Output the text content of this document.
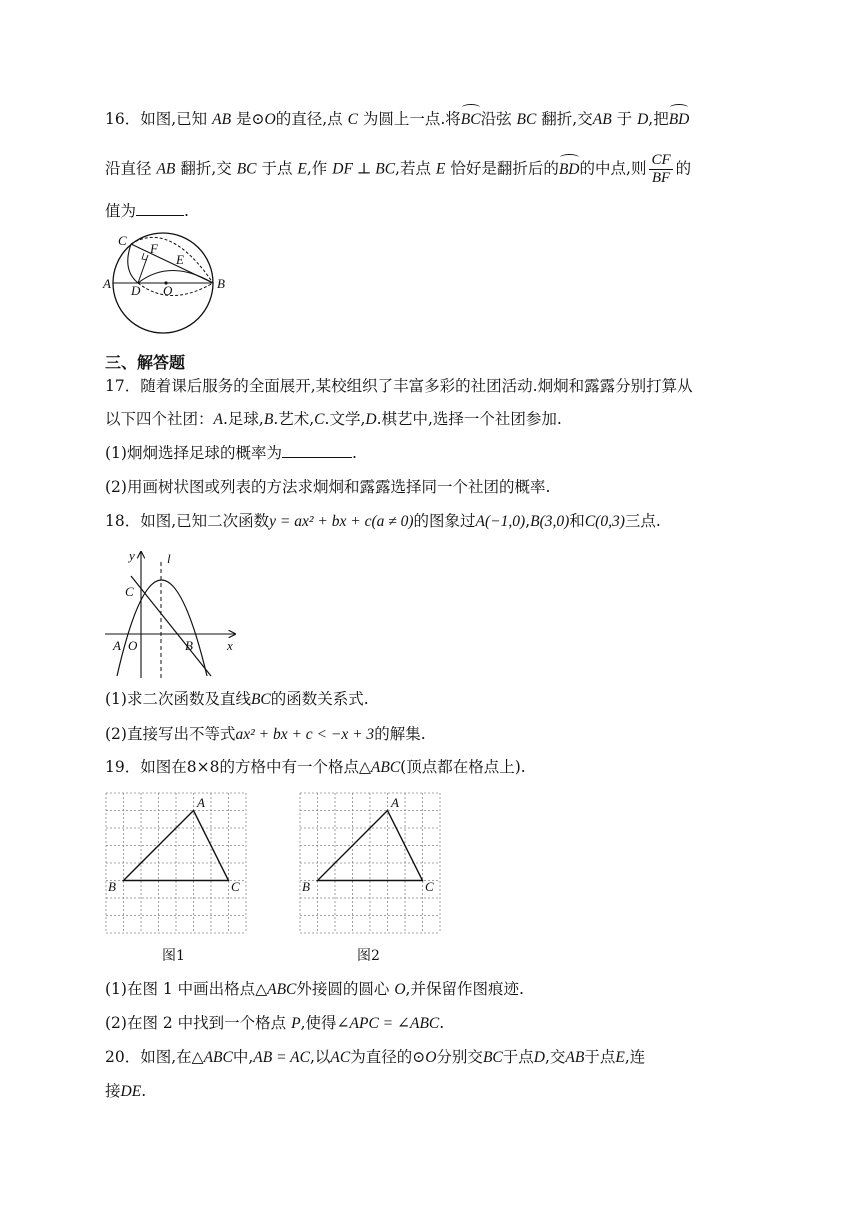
16．如图,已知 AB 是⊙O的直径,点 C 为圆上一点.将BC沿弦 BC 翻折,交AB 于 D,把BD
沿直径 AB 翻折,交 BC 于点 E,作 DF ⊥ BC,若点 E 恰好是翻折后的BD的中点,则 $\frac{CF}{BF}$ 的
值为	.
C
F
E
A D O	B
三、解答题
17．随着课后服务的全面展开,某校组织了丰富多彩的社团活动.炯炯和露露分别打算从
以下四个社团：A.足球,B.艺术,C.文学,D.棋艺中,选择一个社团参加.
(1)炯炯选择足球的概率为	.
(2)用画树状图或列表的方法求炯炯和露露选择同一个社团的概率.
18．如图,已知二次函数y = ax² + bx + c(a ≠ 0)的图象过A(−1,0),B(3,0)和C(0,3)三点.
y l
C
x
A O	B
(1)求二次函数及直线BC的函数关系式.
(2)直接写出不等式ax² + bx + c < −x + 3的解集.
19．如图在8×8的方格中有一个格点△ABC(顶点都在格点上).
A
B	C
图1
A
B	C
图2
(1)在图 1 中画出格点△ABC外接圆的圆心 O,并保留作图痕迹.
(2)在图 2 中找到一个格点 P,使得∠APC = ∠ABC.
20．如图,在△ABC中,AB = AC,以AC为直径的⊙O分别交BC于点D,交AB于点E,连
接DE.
